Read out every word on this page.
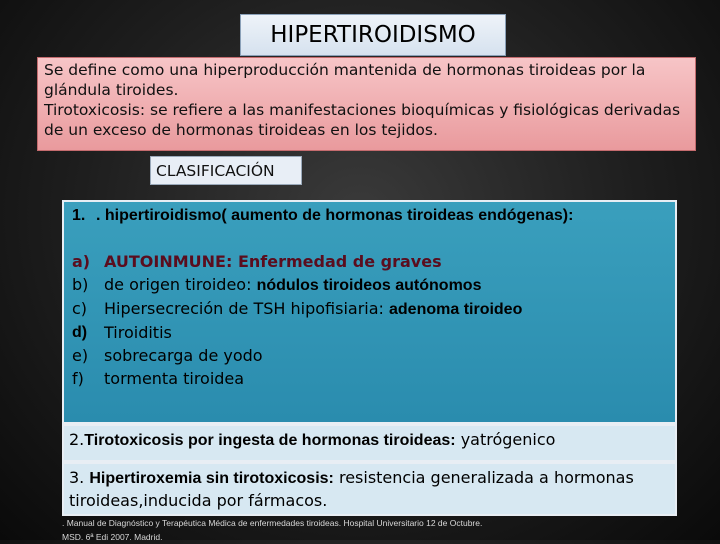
HIPERTIROIDISMO

Se define como una hiperproducción mantenida de hormonas tiroideas por la glándula tiroides.

Tirotoxicosis: se refiere a las manifestaciones bioquímicas y fisiológicas derivadas de un exceso de hormonas tiroideas en los tejidos.

CLASIFICACIÓN
1. . hipertiroidismo( aumento de hormonas tiroideas endógenas):
a) AUTOINMUNE: Enfermedad de graves
b) de origen tiroideo: nódulos tiroideos autónomos
c)	Hipersecreción de TSH hipofisiaria: adenoma tiroideo
d)	Tiroiditis
e) sobrecarga de yodo
f)	tormenta tiroidea
2.Tirotoxicosis por ingesta de hormonas tiroideas: yatrógenico
3. Hipertiroxemia sin tirotoxicosis: resistencia generalizada a hormonas tiroideas,inducida por fármacos.
. Manual de Diagnóstico y Terapéutica Médica de enfermedades tiroideas. Hospital Universitario 12 de Octubre. MSD. 6ª Edi 2007. Madrid.
